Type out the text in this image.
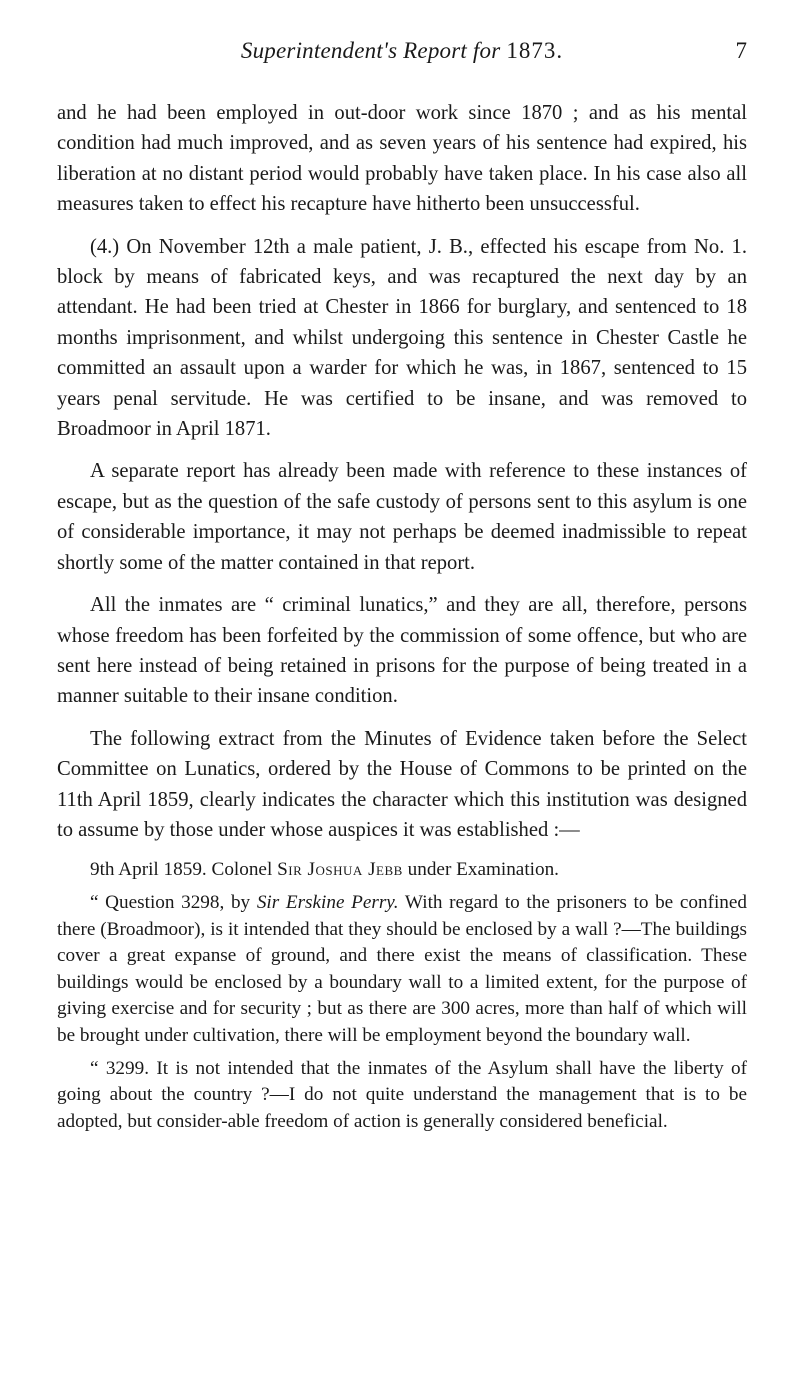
Superintendent's Report for 1873.	7

and he had been employed in out-door work since 1870 ; and as his mental condition had much improved, and as seven years of his sentence had expired, his liberation at no distant period would probably have taken place. In his case also all measures taken to effect his recapture have hitherto been unsuccessful.

(4.) On November 12th a male patient, J. B., effected his escape from No. 1. block by means of fabricated keys, and was recaptured the next day by an attendant. He had been tried at Chester in 1866 for burglary, and sentenced to 18 months imprisonment, and whilst undergoing this sentence in Chester Castle he committed an assault upon a warder for which he was, in 1867, sentenced to 15 years penal servitude. He was certified to be insane, and was removed to Broadmoor in April 1871.

A separate report has already been made with reference to these instances of escape, but as the question of the safe custody of persons sent to this asylum is one of considerable importance, it may not perhaps be deemed inadmissible to repeat shortly some of the matter contained in that report.

All the inmates are “ criminal lunatics,” and they are all, therefore, persons whose freedom has been forfeited by the commission of some offence, but who are sent here instead of being retained in prisons for the purpose of being treated in a manner suitable to their insane condition.

The following extract from the Minutes of Evidence taken before the Select Committee on Lunatics, ordered by the House of Commons to be printed on the 11th April 1859, clearly indicates the character which this institution was designed to assume by those under whose auspices it was established :—

9th April 1859. Colonel Sir Joshua Jebb under Examination.

“ Question 3298, by Sir Erskine Perry. With regard to the prisoners to be confined there (Broadmoor), is it intended that they should be enclosed by a wall ?—The buildings cover a great expanse of ground, and there exist the means of classification. These buildings would be enclosed by a boundary wall to a limited extent, for the purpose of giving exercise and for security ; but as there are 300 acres, more than half of which will be brought under cultivation, there will be employment beyond the boundary wall.

“ 3299. It is not intended that the inmates of the Asylum shall have the liberty of going about the country ?—I do not quite understand the management that is to be adopted, but consider-able freedom of action is generally considered beneficial.
